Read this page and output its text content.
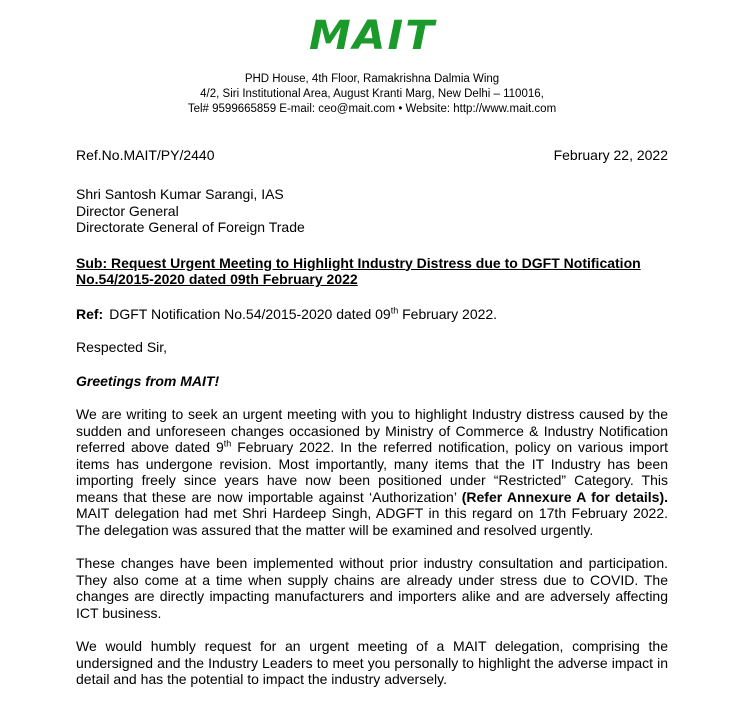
MAIT
PHD House, 4th Floor, Ramakrishna Dalmia Wing
4/2, Siri Institutional Area, August Kranti Marg, New Delhi – 110016,
Tel# 9599665859 E-mail: ceo@mait.com • Website: http://www.mait.com
Ref.No.MAIT/PY/2440	February 22, 2022

Shri Santosh Kumar Sarangi, IAS

Director General

Directorate General of Foreign Trade

Sub: Request Urgent Meeting to Highlight Industry Distress due to DGFT Notification No.54/2015-2020 dated 09th February 2022

Ref: DGFT Notification No.54/2015-2020 dated 09th February 2022.

Respected Sir,

Greetings from MAIT!

We are writing to seek an urgent meeting with you to highlight Industry distress caused by the sudden and unforeseen changes occasioned by Ministry of Commerce & Industry Notification referred above dated 9th February 2022. In the referred notification, policy on various import items has undergone revision. Most importantly, many items that the IT Industry has been importing freely since years have now been positioned under “Restricted” Category. This means that these are now importable against ‘Authorization’ (Refer Annexure A for details). MAIT delegation had met Shri Hardeep Singh, ADGFT in this regard on 17th February 2022. The delegation was assured that the matter will be examined and resolved urgently.

These changes have been implemented without prior industry consultation and participation. They also come at a time when supply chains are already under stress due to COVID. The changes are directly impacting manufacturers and importers alike and are adversely affecting ICT business.

We would humbly request for an urgent meeting of a MAIT delegation, comprising the undersigned and the Industry Leaders to meet you personally to highlight the adverse impact in detail and has the potential to impact the industry adversely.
